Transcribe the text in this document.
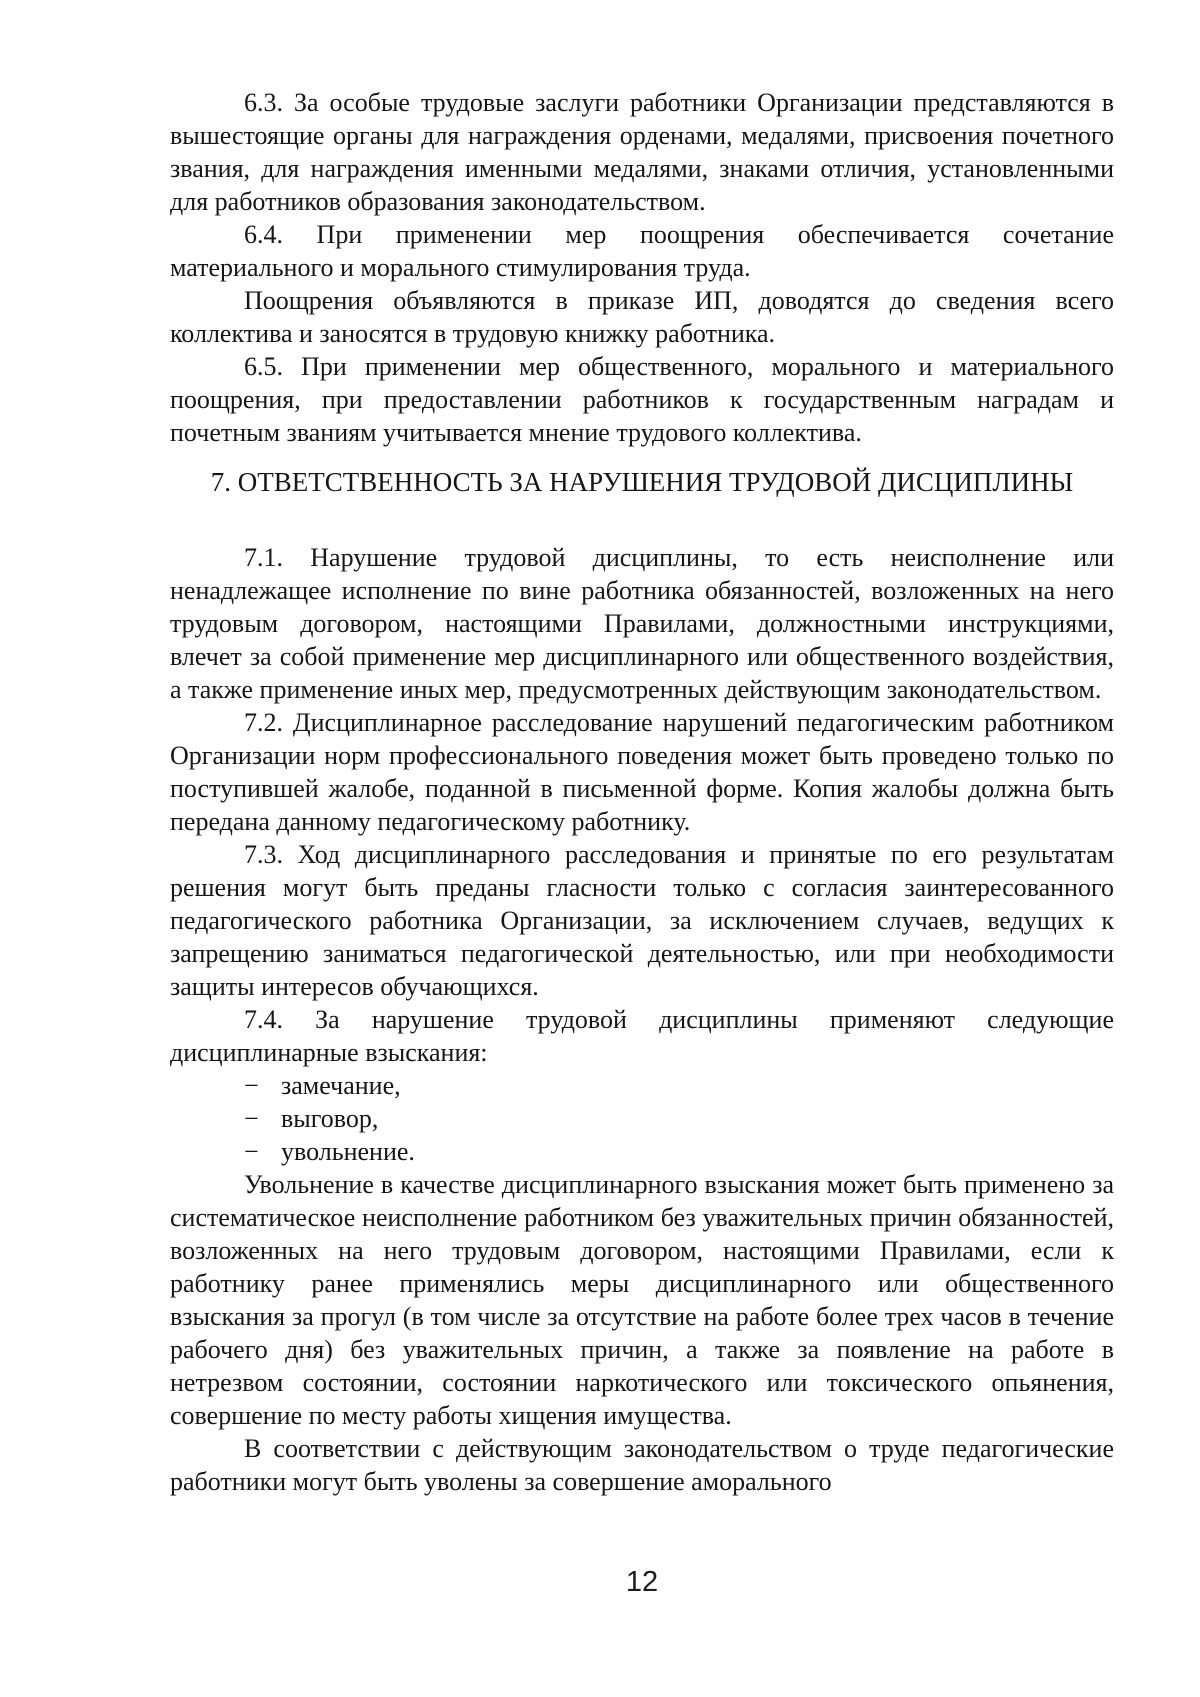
6.3. За особые трудовые заслуги работники Организации представляются в вышестоящие органы для награждения орденами, медалями, присвоения почетного звания, для награждения именными медалями, знаками отличия, установленными для работников образования законодательством.

6.4. При применении мер поощрения обеспечивается сочетание материального и морального стимулирования труда.

Поощрения объявляются в приказе ИП, доводятся до сведения всего коллектива и заносятся в трудовую книжку работника.

6.5. При применении мер общественного, морального и материального поощрения, при предоставлении работников к государственным наградам и почетным званиям учитывается мнение трудового коллектива.

7. ОТВЕТСТВЕННОСТЬ ЗА НАРУШЕНИЯ ТРУДОВОЙ ДИСЦИПЛИНЫ

7.1. Нарушение трудовой дисциплины, то есть неисполнение или ненадлежащее исполнение по вине работника обязанностей, возложенных на него трудовым договором, настоящими Правилами, должностными инструкциями, влечет за собой применение мер дисциплинарного или общественного воздействия, а также применение иных мер, предусмотренных действующим законодательством.

7.2. Дисциплинарное расследование нарушений педагогическим работником Организации норм профессионального поведения может быть проведено только по поступившей жалобе, поданной в письменной форме. Копия жалобы должна быть передана данному педагогическому работнику.

7.3. Ход дисциплинарного расследования и принятые по его результатам решения могут быть преданы гласности только с согласия заинтересованного педагогического работника Организации, за исключением случаев, ведущих к запрещению заниматься педагогической деятельностью, или при необходимости защиты интересов обучающихся.

7.4. За нарушение трудовой дисциплины применяют следующие дисциплинарные взыскания:

− замечание,
− выговор,
− увольнение.

Увольнение в качестве дисциплинарного взыскания может быть применено за систематическое неисполнение работником без уважительных причин обязанностей, возложенных на него трудовым договором, настоящими Правилами, если к работнику ранее применялись меры дисциплинарного или общественного взыскания за прогул (в том числе за отсутствие на работе более трех часов в течение рабочего дня) без уважительных причин, а также за появление на работе в нетрезвом состоянии, состоянии наркотического или токсического опьянения, совершение по месту работы хищения имущества.

В соответствии с действующим законодательством о труде педагогические работники могут быть уволены за совершение аморального

12
